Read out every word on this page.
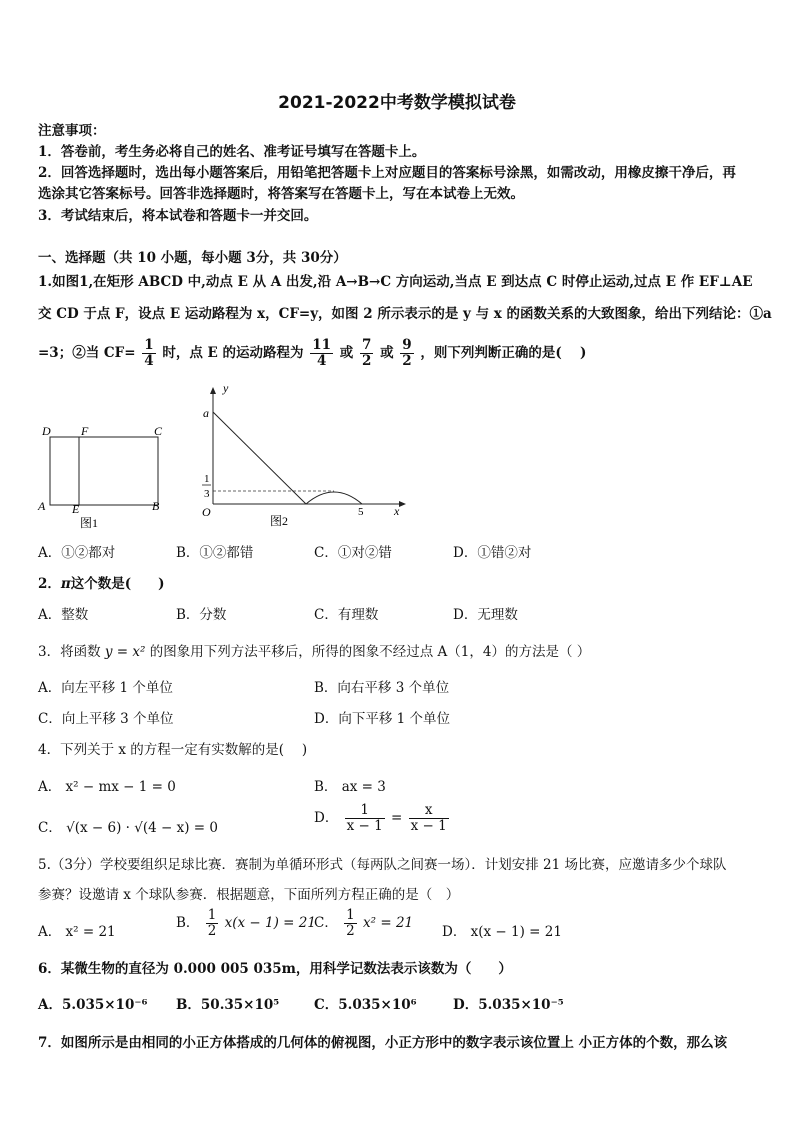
2021-2022中考数学模拟试卷
注意事项：
1．答卷前，考生务必将自己的姓名、准考证号填写在答题卡上。
2．回答选择题时，选出每小题答案后，用铅笔把答题卡上对应题目的答案标号涂黑，如需改动，用橡皮擦干净后，再
选涂其它答案标号。回答非选择题时，将答案写在答题卡上，写在本试卷上无效。
3．考试结束后，将本试卷和答题卡一并交回。
一、选择题（共 10 小题，每小题 3分，共 30分）
1.如图1,在矩形 ABCD 中,动点 E 从 A 出发,沿 A→B→C 方向运动,当点 E 到达点 C 时停止运动,过点 E 作 EF⊥AE
交 CD 于点 F，设点 E 运动路程为 x，CF=y，如图 2 所示表示的是 y 与 x 的函数关系的大致图象，给出下列结论：①a
=3；②当 $CF= \frac{1}{4}$ 时，点 E 的运动路程为 $\frac{11}{4}$ 或 $\frac{7}{2}$ 或 $\frac{9}{2}$ ，则下列判断正确的是(　 )
D	F	C
A E	B
图1
y
a
1
3
O	5	x
图2
A．①②都对	B．①②都错	C．①对②错	D．①错②对
2．π这个数是(　　)
A．整数	B．分数	C．有理数	D．无理数
3．将函数 y = x² 的图象用下列方法平移后，所得的图象不经过点 A（1，4）的方法是（ ）
A．向左平移 1 个单位	B．向右平移 3 个单位
C．向上平移 3 个单位	D．向下平移 1 个单位
4．下列关于 x 的方程一定有实数解的是(　 )
A． x² − mx − 1 = 0	B． ax = 3
C． √(x − 6) · √(4 − x) = 0
D． $\frac{1}{x - 1} = \frac{x}{x - 1}$
5.（3分）学校要组织足球比赛．赛制为单循环形式（每两队之间赛一场）．计划安排 21 场比赛，应邀请多少个球队
参赛？设邀请 x 个球队参赛．根据题意，下面所列方程正确的是（　）
A． x² = 21
B． $\frac{1}{2} x(x - 1) = 21$
C． $\frac{1}{2} x^2 = 21$
D． x(x − 1) = 21
6．某微生物的直径为 0.000 005 035m，用科学记数法表示该数为（　　）
A．5.035×10⁻⁶ B．50.35×10⁵	C．5.035×10⁶	D．5.035×10⁻⁵
7．如图所示是由相同的小正方体搭成的几何体的俯视图，小正方形中的数字表示该位置上 小正方体的个数，那么该
